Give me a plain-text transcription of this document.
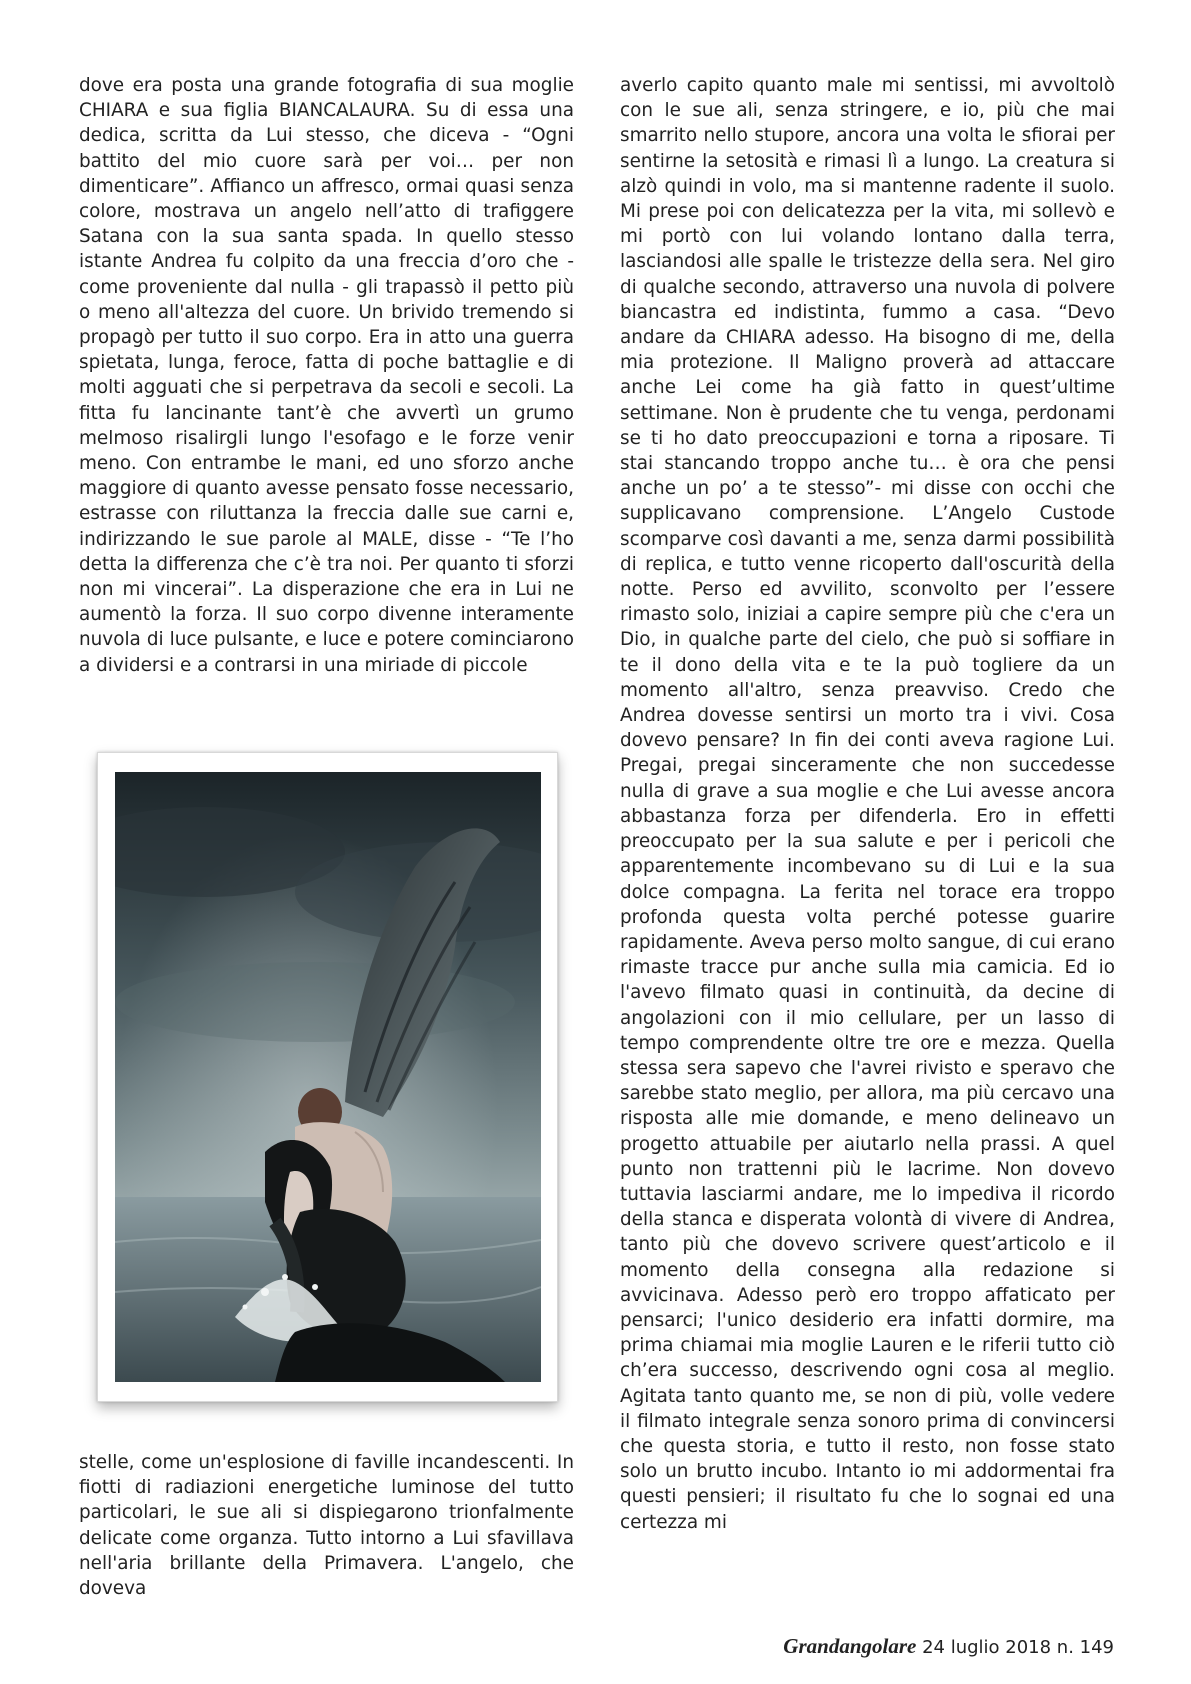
dove era posta una grande fotografia di sua moglie CHIARA e sua figlia BIANCALAURA. Su di essa una dedica, scritta da Lui stesso, che diceva - “Ogni battito del mio cuore sarà per voi… per non dimenticare”. Affianco un affresco, ormai quasi senza colore, mostrava un angelo nell’atto di trafiggere Satana con la sua santa spada. In quello stesso istante Andrea fu colpito da una freccia d’oro che - come proveniente dal nulla - gli trapassò il petto più o meno all'altezza del cuore. Un brivido tremendo si propagò per tutto il suo corpo. Era in atto una guerra spietata, lunga, feroce, fatta di poche battaglie e di molti agguati che si perpetrava da secoli e secoli. La fitta fu lancinante tant’è che avvertì un grumo melmoso risalirgli lungo l'esofago e le forze venir meno. Con entrambe le mani, ed uno sforzo anche maggiore di quanto avesse pensato fosse necessario, estrasse con riluttanza la freccia dalle sue carni e, indirizzando le sue parole al MALE, disse - “Te l’ho detta la differenza che c’è tra noi. Per quanto ti sforzi non mi vincerai”. La disperazione che era in Lui ne aumentò la forza. Il suo corpo divenne interamente nuvola di luce pulsante, e luce e potere cominciarono a dividersi e a contrarsi in una miriade di piccole

stelle, come un'esplosione di faville incandescenti. In fiotti di radiazioni energetiche luminose del tutto particolari, le sue ali si dispiegarono trionfalmente delicate come organza. Tutto intorno a Lui sfavillava nell'aria brillante della Primavera. L'angelo, che doveva

averlo capito quanto male mi sentissi, mi avvoltolò con le sue ali, senza stringere, e io, più che mai smarrito nello stupore, ancora una volta le sfiorai per sentirne la setosità e rimasi lì a lungo. La creatura si alzò quindi in volo, ma si mantenne radente il suolo. Mi prese poi con delicatezza per la vita, mi sollevò e mi portò con lui volando lontano dalla terra, lasciandosi alle spalle le tristezze della sera. Nel giro di qualche secondo, attraverso una nuvola di polvere biancastra ed indistinta, fummo a casa. “Devo andare da CHIARA adesso. Ha bisogno di me, della mia protezione. Il Maligno proverà ad attaccare anche Lei come ha già fatto in quest’ultime settimane. Non è prudente che tu venga, perdonami se ti ho dato preoccupazioni e torna a riposare. Ti stai stancando troppo anche tu… è ora che pensi anche un po’ a te stesso”- mi disse con occhi che supplicavano comprensione. L’Angelo Custode scomparve così davanti a me, senza darmi possibilità di replica, e tutto venne ricoperto dall'oscurità della notte. Perso ed avvilito, sconvolto per l’essere rimasto solo, iniziai a capire sempre più che c'era un Dio, in qualche parte del cielo, che può si soffiare in te il dono della vita e te la può togliere da un momento all'altro, senza preavviso. Credo che Andrea dovesse sentirsi un morto tra i vivi. Cosa dovevo pensare? In fin dei conti aveva ragione Lui. Pregai, pregai sinceramente che non succedesse nulla di grave a sua moglie e che Lui avesse ancora abbastanza forza per difenderla. Ero in effetti preoccupato per la sua salute e per i pericoli che apparentemente incombevano su di Lui e la sua dolce compagna. La ferita nel torace era troppo profonda questa volta perché potesse guarire rapidamente. Aveva perso molto sangue, di cui erano rimaste tracce pur anche sulla mia camicia. Ed io l'avevo filmato quasi in continuità, da decine di angolazioni con il mio cellulare, per un lasso di tempo comprendente oltre tre ore e mezza. Quella stessa sera sapevo che l'avrei rivisto e speravo che sarebbe stato meglio, per allora, ma più cercavo una risposta alle mie domande, e meno delineavo un progetto attuabile per aiutarlo nella prassi. A quel punto non trattenni più le lacrime. Non dovevo tuttavia lasciarmi andare, me lo impediva il ricordo della stanca e disperata volontà di vivere di Andrea, tanto più che dovevo scrivere quest’articolo e il momento della consegna alla redazione si avvicinava. Adesso però ero troppo affaticato per pensarci; l'unico desiderio era infatti dormire, ma prima chiamai mia moglie Lauren e le riferii tutto ciò ch’era successo, descrivendo ogni cosa al meglio. Agitata tanto quanto me, se non di più, volle vedere il filmato integrale senza sonoro prima di convincersi che questa storia, e tutto il resto, non fosse stato solo un brutto incubo. Intanto io mi addormentai fra questi pensieri; il risultato fu che lo sognai ed una certezza mi

Grandangolare 24 luglio 2018 n. 149
